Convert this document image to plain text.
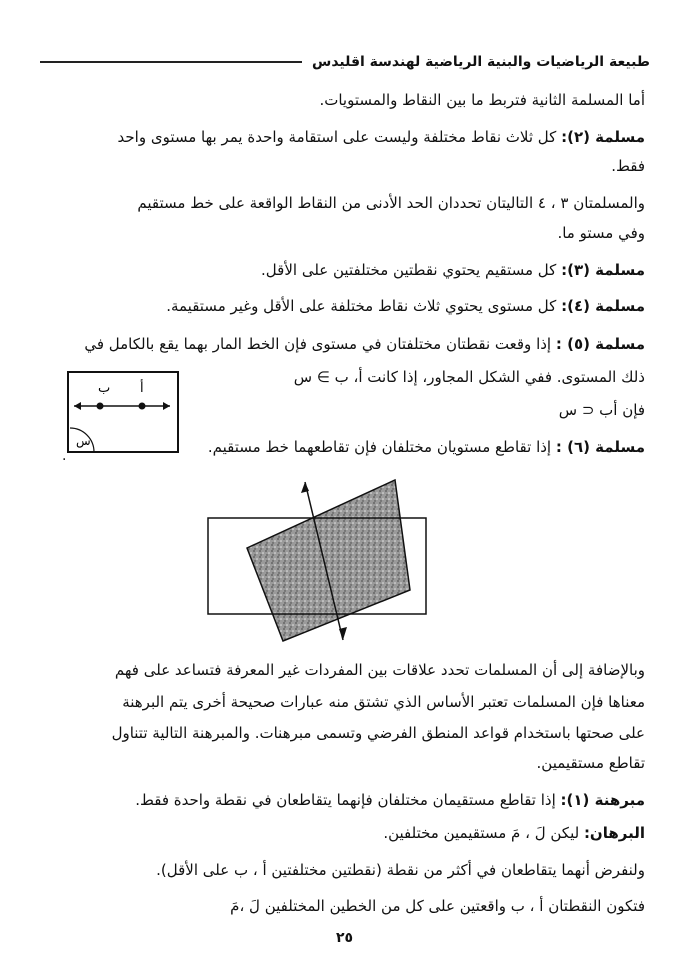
طبيعة الرياضيات والبنية الرياضية لهندسة اقليدس
أما المسلمة الثانية فتربط ما بين النقاط والمستويات.
مسلمة (٢): كل ثلاث نقاط مختلفة وليست على استقامة واحدة يمر بها مستوى واحد
فقط.
والمسلمتان ٣ ، ٤ التاليتان تحددان الحد الأدنى من النقاط الواقعة على خط مستقيم
وفي مستو ما.
مسلمة (٣): كل مستقيم يحتوي نقطتين مختلفتين على الأقل.
مسلمة (٤): كل مستوى يحتوي ثلاث نقاط مختلفة على الأقل وغير مستقيمة.
مسلمة (٥) : إذا وقعت نقطتان مختلفتان في مستوى فإن الخط المار بهما يقع بالكامل في
ذلك المستوى. ففي الشكل المجاور، إذا كانت أ، ب ∋ س
فإن أب ⊂ س
مسلمة (٦) : إذا تقاطع مستويان مختلفان فإن تقاطعهما خط مستقيم.
.
ب أ
س
وبالإضافة إلى أن المسلمات تحدد علاقات بين المفردات غير المعرفة فتساعد على فهم
معناها فإن المسلمات تعتبر الأساس الذي تشتق منه عبارات صحيحة أخرى يتم البرهنة
على صحتها باستخدام قواعد المنطق الفرضي وتسمى مبرهنات. والمبرهنة التالية تتناول
تقاطع مستقيمين.
مبرهنة (١): إذا تقاطع مستقيمان مختلفان فإنهما يتقاطعان في نقطة واحدة فقط.
البرهان: ليكن لَ ، مَ مستقيمين مختلفين.
ولنفرض أنهما يتقاطعان في أكثر من نقطة (نقطتين مختلفتين أ ، ب على الأقل).
فتكون النقطتان أ ، ب واقعتين على كل من الخطين المختلفين لَ ،مَ
٢٥
